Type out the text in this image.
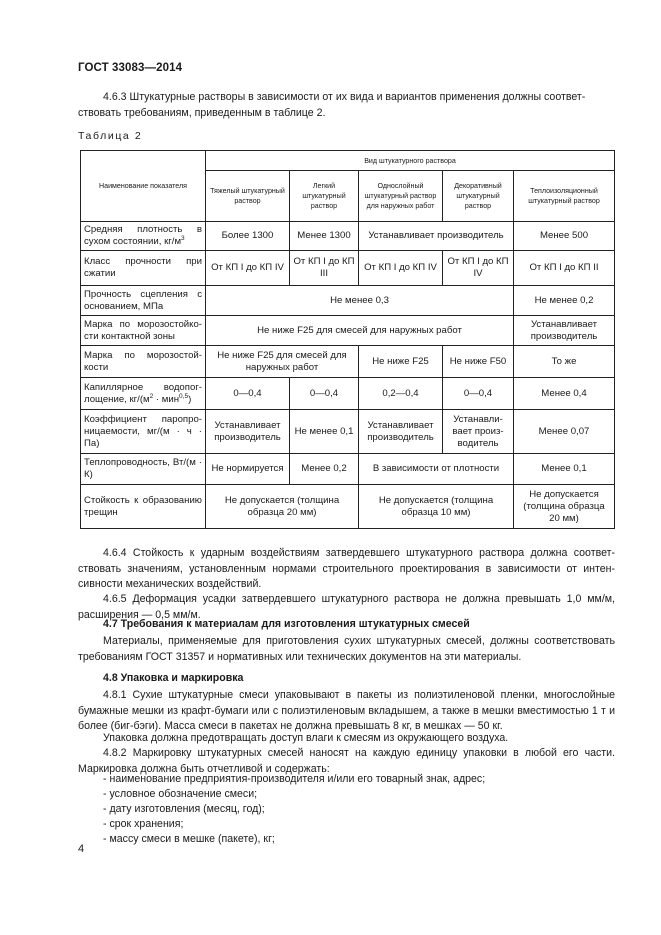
ГОСТ 33083—2014
4.6.3 Штукатурные растворы в зависимости от их вида и вариантов применения должны соответ-
ствовать требованиям, приведенным в таблице 2.
Таблица 2
Наименование показателя	Вид штукатурного раствора				
	Тяжелый штукатурный раствор	Легкий штукатурный раствор	Однослойный штукатурный раствор для наружных работ	Декоративный штукатурный раствор	Теплоизоляционный штукатурный раствор
Средняя плотность в сухом состоянии, $кг/м^3$	Более 1300	Менее 1300	Устанавливает производитель		Менее 500
Класс прочности при сжатии	От КП I до КП IV	От КП I до КП III	От КП I до КП IV	От КП I до КП IV	От КП I до КП II
Прочность сцепления с основанием, МПа	Не менее 0,3				Не менее 0,2
Марка по морозостойкости контактной зоны	Не ниже F25 для смесей для наружных работ				Устанавливает производитель
Марка по морозостойкости	Не ниже F25 для смесей для наружных работ		Не ниже F25	Не ниже F50	То же
Капиллярное водопоглощение, $кг/(м^2 \cdot мин^{0,5})$	0—0,4	0—0,4	0,2—0,4	0—0,4	Менее 0,4
Коэффициент паропроницаемости, мг/(м · ч · Па)	Устанавливает производитель	Не менее 0,1	Устанавливает производитель	Устанавливает производитель	Менее 0,07
Теплопроводность, Вт/(м · К)	Не нормируется	Менее 0,2	В зависимости от плотности		Менее 0,1
Стойкость к образованию трещин	Не допускается (толщина образца 20 мм)		Не допускается (толщина образца 10 мм)		Не допускается (толщина образца 20 мм)
4.6.4 Стойкость к ударным воздействиям затвердевшего штукатурного раствора должна соответствовать значениям, установленным нормами строительного проектирования в зависимости от интенсивности механических воздействий.
4.6.5 Деформация усадки затвердевшего штукатурного раствора не должна превышать 1,0 мм/м, расширения — 0,5 мм/м.
4.7 Требования к материалам для изготовления штукатурных смесей
Материалы, применяемые для приготовления сухих штукатурных смесей, должны соответствовать требованиям ГОСТ 31357 и нормативных или технических документов на эти материалы.
4.8 Упаковка и маркировка
4.8.1 Сухие штукатурные смеси упаковывают в пакеты из полиэтиленовой пленки, многослойные бумажные мешки из крафт-бумаги или с полиэтиленовым вкладышем, а также в мешки вместимостью 1 т и более (биг-бэги). Масса смеси в пакетах не должна превышать 8 кг, в мешках — 50 кг.
Упаковка должна предотвращать доступ влаги к смесям из окружающего воздуха.
4.8.2 Маркировку штукатурных смесей наносят на каждую единицу упаковки в любой его части. Маркировка должна быть отчетливой и содержать:
- наименование предприятия-производителя и/или его товарный знак, адрес;
- условное обозначение смеси;
- дату изготовления (месяц, год);
- срок хранения;
- массу смеси в мешке (пакете), кг;
4
